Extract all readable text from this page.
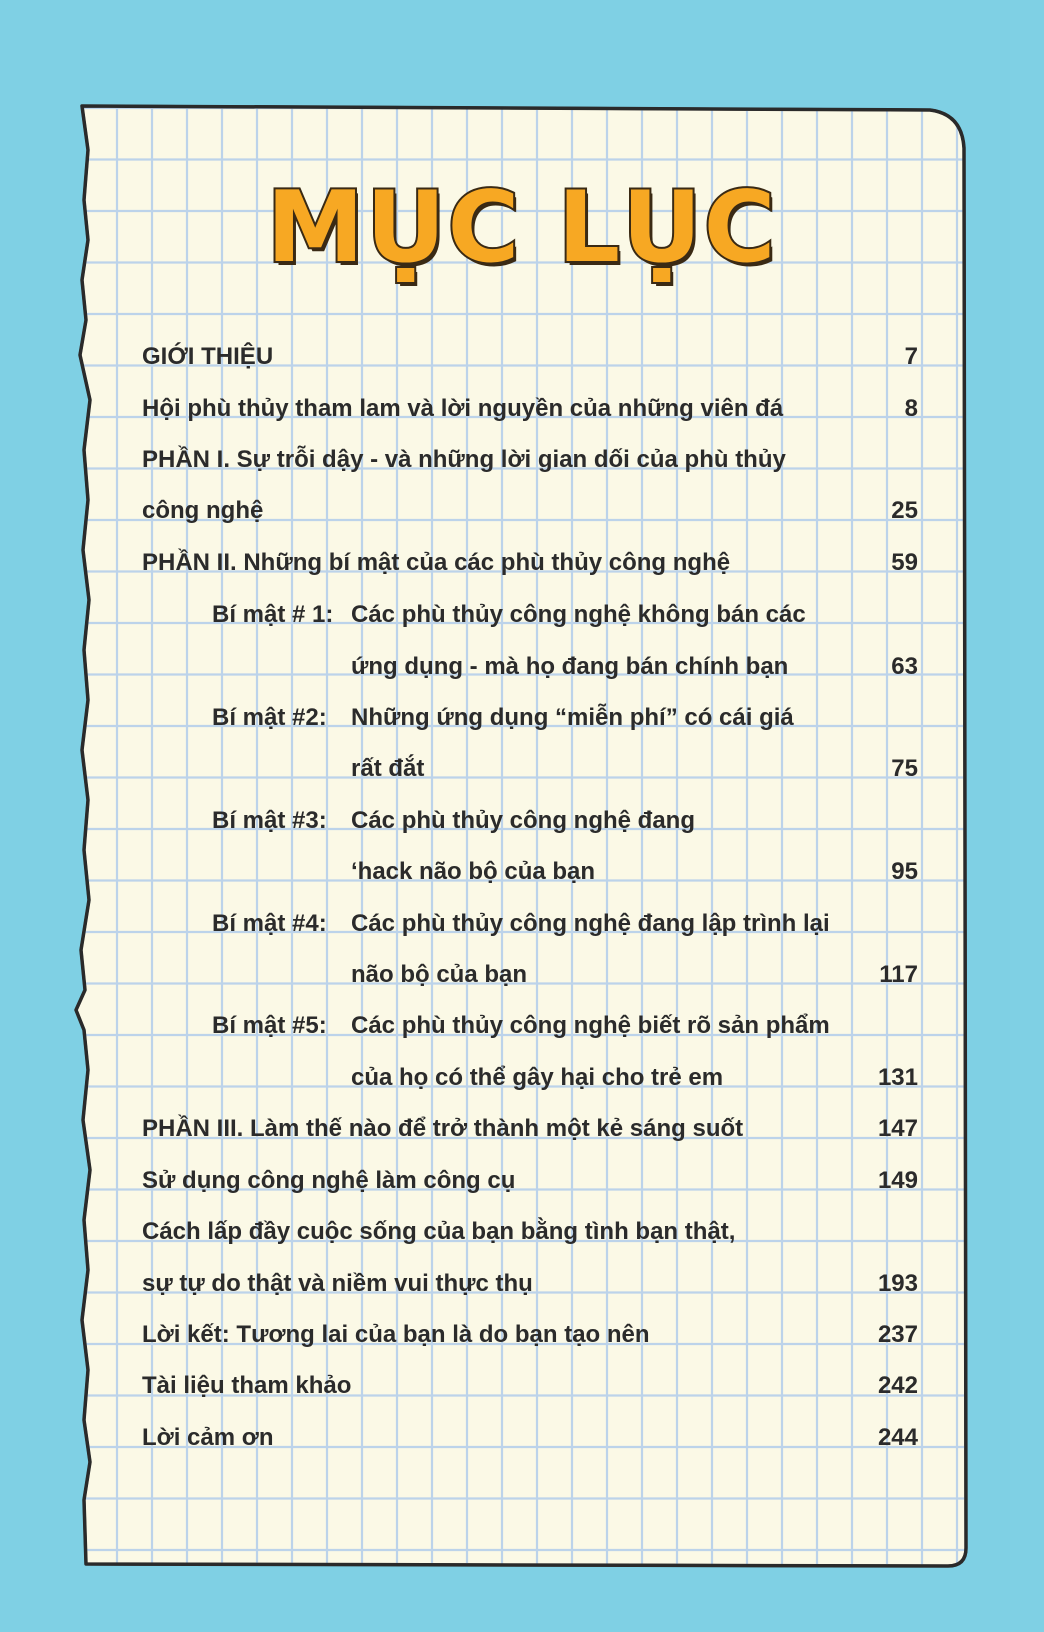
MỤC LỤC
GIỚI THIỆU	7
Hội phù thủy tham lam và lời nguyền của những viên đá	8
PHẦN I. Sự trỗi dậy - và những lời gian dối của phù thủy
công nghệ	25
PHẦN II. Những bí mật của các phù thủy công nghệ	59
Bí mật # 1: Các phù thủy công nghệ không bán các
ứng dụng - mà họ đang bán chính bạn	63
Bí mật #2: Những ứng dụng “miễn phí” có cái giá
rất đắt	75
Bí mật #3: Các phù thủy công nghệ đang
‘hack não bộ của bạn	95
Bí mật #4: Các phù thủy công nghệ đang lập trình lại
não bộ của bạn	117
Bí mật #5: Các phù thủy công nghệ biết rõ sản phẩm
của họ có thể gây hại cho trẻ em	131
PHẦN III. Làm thế nào để trở thành một kẻ sáng suốt	147
Sử dụng công nghệ làm công cụ	149
Cách lấp đầy cuộc sống của bạn bằng tình bạn thật,
sự tự do thật và niềm vui thực thụ	193
Lời kết: Tương lai của bạn là do bạn tạo nên	237
Tài liệu tham khảo	242
Lời cảm ơn	244
